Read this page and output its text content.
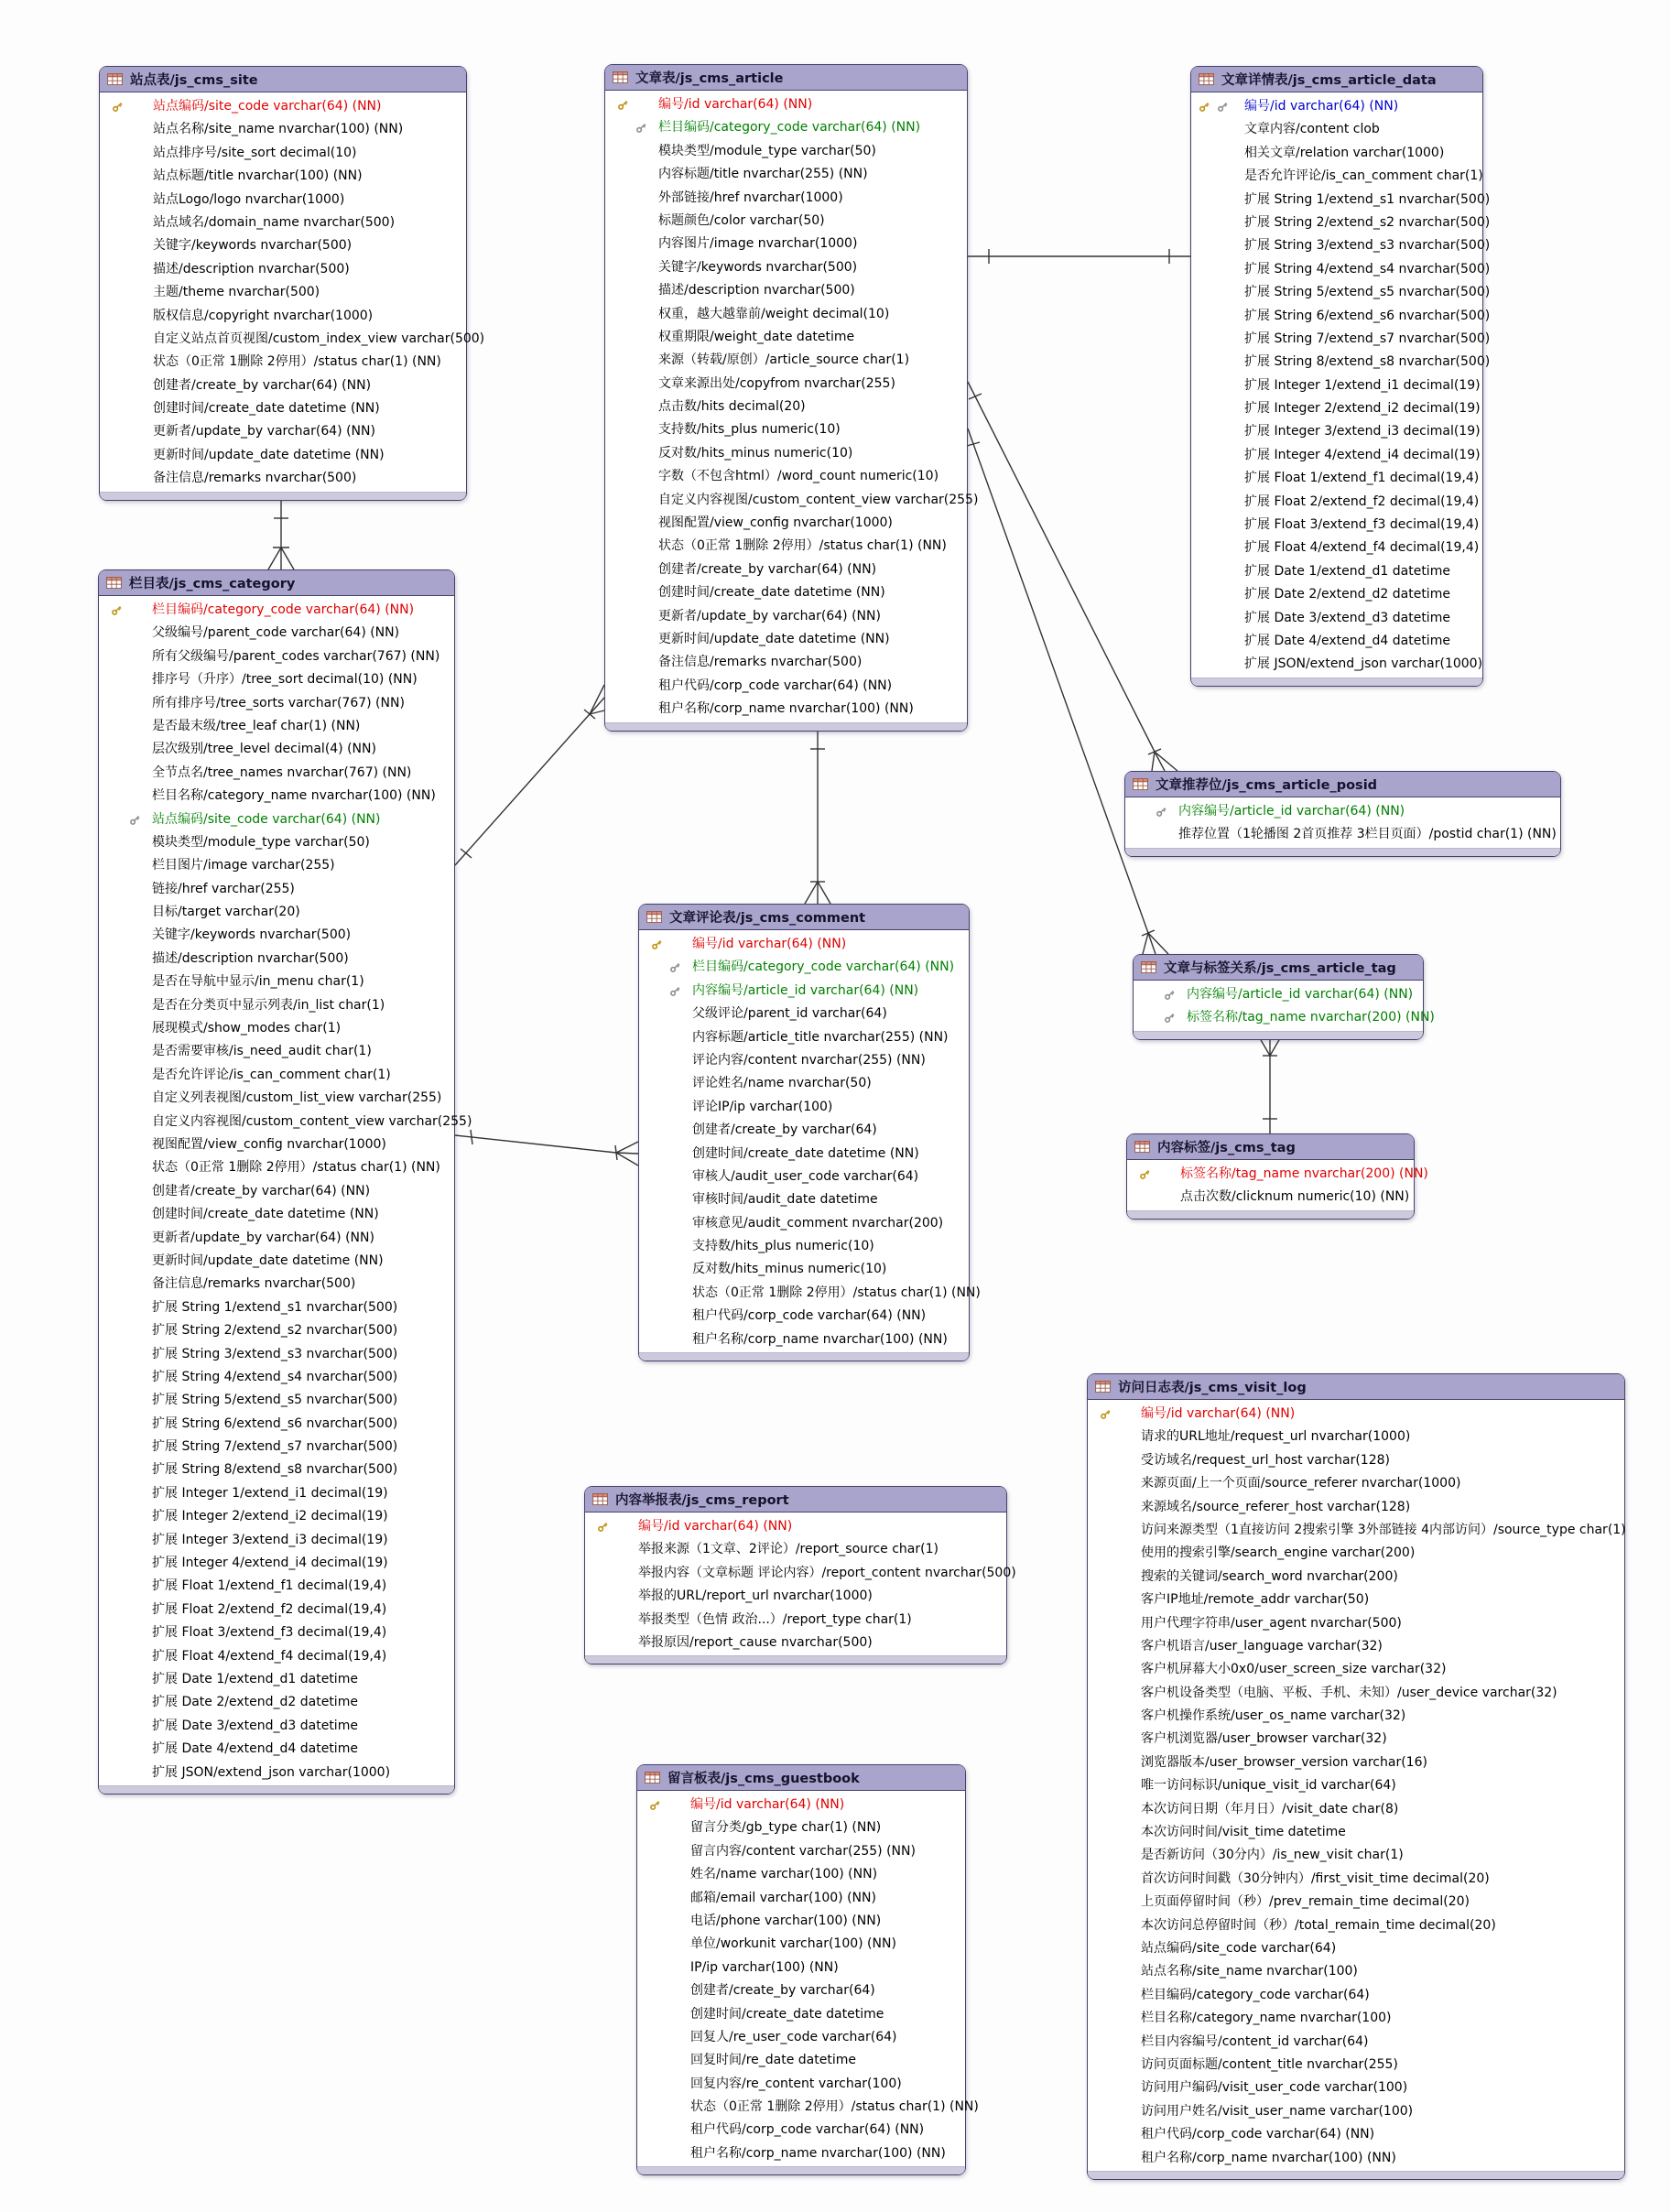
站点表/js_cms_site
站点编码/site_code varchar(64) (NN)
站点名称/site_name nvarchar(100) (NN)
站点排序号/site_sort decimal(10)
站点标题/title nvarchar(100) (NN)
站点Logo/logo nvarchar(1000)
站点域名/domain_name nvarchar(500)
关键字/keywords nvarchar(500)
描述/description nvarchar(500)
主题/theme nvarchar(500)
版权信息/copyright nvarchar(1000)
自定义站点首页视图/custom_index_view varchar(500)
状态（0正常 1删除 2停用）/status char(1) (NN)
创建者/create_by varchar(64) (NN)
创建时间/create_date datetime (NN)
更新者/update_by varchar(64) (NN)
更新时间/update_date datetime (NN)
备注信息/remarks nvarchar(500)
文章表/js_cms_article
编号/id varchar(64) (NN)
栏目编码/category_code varchar(64) (NN)
模块类型/module_type varchar(50)
内容标题/title nvarchar(255) (NN)
外部链接/href nvarchar(1000)
标题颜色/color varchar(50)
内容图片/image nvarchar(1000)
关键字/keywords nvarchar(500)
描述/description nvarchar(500)
权重，越大越靠前/weight decimal(10)
权重期限/weight_date datetime
来源（转载/原创）/article_source char(1)
文章来源出处/copyfrom nvarchar(255)
点击数/hits decimal(20)
支持数/hits_plus numeric(10)
反对数/hits_minus numeric(10)
字数（不包含html）/word_count numeric(10)
自定义内容视图/custom_content_view varchar(255)
视图配置/view_config nvarchar(1000)
状态（0正常 1删除 2停用）/status char(1) (NN)
创建者/create_by varchar(64) (NN)
创建时间/create_date datetime (NN)
更新者/update_by varchar(64) (NN)
更新时间/update_date datetime (NN)
备注信息/remarks nvarchar(500)
租户代码/corp_code varchar(64) (NN)
租户名称/corp_name nvarchar(100) (NN)
文章详情表/js_cms_article_data
编号/id varchar(64) (NN)
文章内容/content clob
相关文章/relation varchar(1000)
是否允许评论/is_can_comment char(1)
扩展 String 1/extend_s1 nvarchar(500)
扩展 String 2/extend_s2 nvarchar(500)
扩展 String 3/extend_s3 nvarchar(500)
扩展 String 4/extend_s4 nvarchar(500)
扩展 String 5/extend_s5 nvarchar(500)
扩展 String 6/extend_s6 nvarchar(500)
扩展 String 7/extend_s7 nvarchar(500)
扩展 String 8/extend_s8 nvarchar(500)
扩展 Integer 1/extend_i1 decimal(19)
扩展 Integer 2/extend_i2 decimal(19)
扩展 Integer 3/extend_i3 decimal(19)
扩展 Integer 4/extend_i4 decimal(19)
扩展 Float 1/extend_f1 decimal(19,4)
扩展 Float 2/extend_f2 decimal(19,4)
扩展 Float 3/extend_f3 decimal(19,4)
扩展 Float 4/extend_f4 decimal(19,4)
扩展 Date 1/extend_d1 datetime
扩展 Date 2/extend_d2 datetime
扩展 Date 3/extend_d3 datetime
扩展 Date 4/extend_d4 datetime
扩展 JSON/extend_json varchar(1000)
栏目表/js_cms_category
栏目编码/category_code varchar(64) (NN)
父级编号/parent_code varchar(64) (NN)
所有父级编号/parent_codes varchar(767) (NN)
排序号（升序）/tree_sort decimal(10) (NN)
所有排序号/tree_sorts varchar(767) (NN)
是否最末级/tree_leaf char(1) (NN)
层次级别/tree_level decimal(4) (NN)
全节点名/tree_names nvarchar(767) (NN)
栏目名称/category_name nvarchar(100) (NN)
站点编码/site_code varchar(64) (NN)
模块类型/module_type varchar(50)
栏目图片/image varchar(255)
链接/href varchar(255)
目标/target varchar(20)
关键字/keywords nvarchar(500)
描述/description nvarchar(500)
是否在导航中显示/in_menu char(1)
是否在分类页中显示列表/in_list char(1)
展现模式/show_modes char(1)
是否需要审核/is_need_audit char(1)
是否允许评论/is_can_comment char(1)
自定义列表视图/custom_list_view varchar(255)
自定义内容视图/custom_content_view varchar(255)
视图配置/view_config nvarchar(1000)
状态（0正常 1删除 2停用）/status char(1) (NN)
创建者/create_by varchar(64) (NN)
创建时间/create_date datetime (NN)
更新者/update_by varchar(64) (NN)
更新时间/update_date datetime (NN)
备注信息/remarks nvarchar(500)
扩展 String 1/extend_s1 nvarchar(500)
扩展 String 2/extend_s2 nvarchar(500)
扩展 String 3/extend_s3 nvarchar(500)
扩展 String 4/extend_s4 nvarchar(500)
扩展 String 5/extend_s5 nvarchar(500)
扩展 String 6/extend_s6 nvarchar(500)
扩展 String 7/extend_s7 nvarchar(500)
扩展 String 8/extend_s8 nvarchar(500)
扩展 Integer 1/extend_i1 decimal(19)
扩展 Integer 2/extend_i2 decimal(19)
扩展 Integer 3/extend_i3 decimal(19)
扩展 Integer 4/extend_i4 decimal(19)
扩展 Float 1/extend_f1 decimal(19,4)
扩展 Float 2/extend_f2 decimal(19,4)
扩展 Float 3/extend_f3 decimal(19,4)
扩展 Float 4/extend_f4 decimal(19,4)
扩展 Date 1/extend_d1 datetime
扩展 Date 2/extend_d2 datetime
扩展 Date 3/extend_d3 datetime
扩展 Date 4/extend_d4 datetime
扩展 JSON/extend_json varchar(1000)
文章推荐位/js_cms_article_posid
内容编号/article_id varchar(64) (NN)
推荐位置（1轮播图 2首页推荐 3栏目页面）/postid char(1) (NN)
文章评论表/js_cms_comment
编号/id varchar(64) (NN)
栏目编码/category_code varchar(64) (NN)
内容编号/article_id varchar(64) (NN)
父级评论/parent_id varchar(64)
内容标题/article_title nvarchar(255) (NN)
评论内容/content nvarchar(255) (NN)
评论姓名/name nvarchar(50)
评论IP/ip varchar(100)
创建者/create_by varchar(64)
创建时间/create_date datetime (NN)
审核人/audit_user_code varchar(64)
审核时间/audit_date datetime
审核意见/audit_comment nvarchar(200)
支持数/hits_plus numeric(10)
反对数/hits_minus numeric(10)
状态（0正常 1删除 2停用）/status char(1) (NN)
租户代码/corp_code varchar(64) (NN)
租户名称/corp_name nvarchar(100) (NN)
文章与标签关系/js_cms_article_tag
内容编号/article_id varchar(64) (NN)
标签名称/tag_name nvarchar(200) (NN)
内容标签/js_cms_tag
标签名称/tag_name nvarchar(200) (NN)
点击次数/clicknum numeric(10) (NN)
内容举报表/js_cms_report
编号/id varchar(64) (NN)
举报来源（1文章、2评论）/report_source char(1)
举报内容（文章标题 评论内容）/report_content nvarchar(500)
举报的URL/report_url nvarchar(1000)
举报类型（色情 政治...）/report_type char(1)
举报原因/report_cause nvarchar(500)
访问日志表/js_cms_visit_log
编号/id varchar(64) (NN)
请求的URL地址/request_url nvarchar(1000)
受访域名/request_url_host varchar(128)
来源页面/上一个页面/source_referer nvarchar(1000)
来源域名/source_referer_host varchar(128)
访问来源类型（1直接访问 2搜索引擎 3外部链接 4内部访问）/source_type char(1)
使用的搜索引擎/search_engine varchar(200)
搜索的关键词/search_word nvarchar(200)
客户IP地址/remote_addr varchar(50)
用户代理字符串/user_agent nvarchar(500)
客户机语言/user_language varchar(32)
客户机屏幕大小0x0/user_screen_size varchar(32)
客户机设备类型（电脑、平板、手机、未知）/user_device varchar(32)
客户机操作系统/user_os_name varchar(32)
客户机浏览器/user_browser varchar(32)
浏览器版本/user_browser_version varchar(16)
唯一访问标识/unique_visit_id varchar(64)
本次访问日期（年月日）/visit_date char(8)
本次访问时间/visit_time datetime
是否新访问（30分内）/is_new_visit char(1)
首次访问时间戳（30分钟内）/first_visit_time decimal(20)
上页面停留时间（秒）/prev_remain_time decimal(20)
本次访问总停留时间（秒）/total_remain_time decimal(20)
站点编码/site_code varchar(64)
站点名称/site_name nvarchar(100)
栏目编码/category_code varchar(64)
栏目名称/category_name nvarchar(100)
栏目内容编号/content_id varchar(64)
访问页面标题/content_title nvarchar(255)
访问用户编码/visit_user_code varchar(100)
访问用户姓名/visit_user_name varchar(100)
租户代码/corp_code varchar(64) (NN)
租户名称/corp_name nvarchar(100) (NN)
留言板表/js_cms_guestbook
编号/id varchar(64) (NN)
留言分类/gb_type char(1) (NN)
留言内容/content varchar(255) (NN)
姓名/name varchar(100) (NN)
邮箱/email varchar(100) (NN)
电话/phone varchar(100) (NN)
单位/workunit varchar(100) (NN)
IP/ip varchar(100) (NN)
创建者/create_by varchar(64)
创建时间/create_date datetime
回复人/re_user_code varchar(64)
回复时间/re_date datetime
回复内容/re_content varchar(100)
状态（0正常 1删除 2停用）/status char(1) (NN)
租户代码/corp_code varchar(64) (NN)
租户名称/corp_name nvarchar(100) (NN)
